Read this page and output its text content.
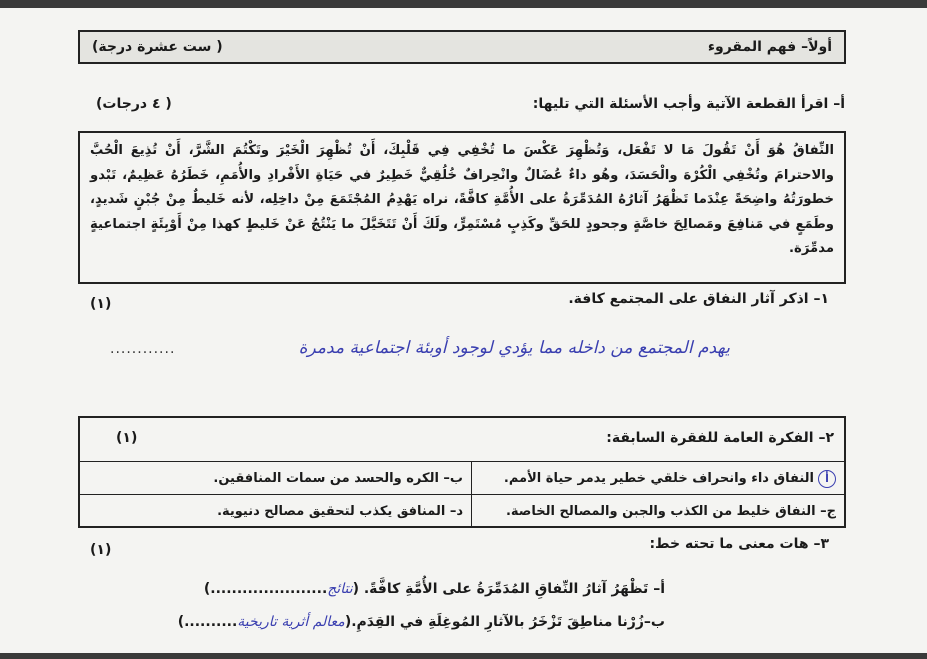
أولاً– فهم المقروء
( ست عشرة درجة)
أ– اقرأ القطعة الآتية وأجب الأسئلة التي تليها:
( ٤ درجات)
النِّفاقُ هُوَ أَنْ تَقُولَ مَا لا تَفْعَل، وَتُظْهِرَ عَكْسَ ما تُخْفِي فِي قَلْبِكَ، أَنْ تُظْهِرَ الْخَيْرَ وتَكْتُمَ الشَّرَّ، أَنْ تُذِيعَ الْحُبَّ والاحترامَ وتُخْفِي الْكُرْهَ والْحَسَدَ، وهُو داءٌ عُضَالٌ وانْحِرافٌ خُلُقِيٌّ خَطِيرٌ في حَيَاةِ الأَفْرادِ والأُمَمِ، خَطَرُهُ عَظِيمٌ، تَبْدو خطورَتُهُ واضِحَةً عِنْدَما تَظْهَرُ آثارُهُ المُدَمِّرَةُ على الأُمَّةِ كافَّةً، نراه يَهْدِمُ المُجْتَمَعَ مِنْ داخِلِه، لأنه خَليطٌ مِنْ جُبْنٍ شَديدٍ، وطَمَعٍ في مَنافِعَ ومَصالِحَ خاصَّةٍ وجحودٍ للحَقِّ وكَذِبٍ مُسْتَمِرٍّ، ولَكَ أَنْ تَتَخَيَّلَ ما يَنْتُجُ عَنْ خَليطٍ كهذا مِنْ أَوْبِئَةٍ اجتماعيةٍ مدمِّرَة.
١– اذكر آثار النفاق على المجتمع كافة.
(١)
يهدم المجتمع من داخله مما يؤدي لوجود أوبئة اجتماعية مدمرة
............
٢– الفكرة العامة للفقرة السابقة:
(١)
أ
النفاق داء وانحراف خلقي خطير يدمر حياة الأمم.
ب– الكره والحسد من سمات المنافقين.
ج– النفاق خليط من الكذب والجبن والمصالح الخاصة.
د– المنافق يكذب لتحقيق مصالح دنيوية.
٣– هات معنى ما تحته خط:
(١)
أ– تَظْهَرُ آثارُ النِّفاقِ المُدَمِّرَةُ على الأُمَّةِ كافَّةً. (نتائج......................)
ب–زُرْنا مناطِقَ تَزْخَرُ بالآثارِ المُوغِلَةِ في القِدَمِ.(معالم أثرية تاريخية..........)
